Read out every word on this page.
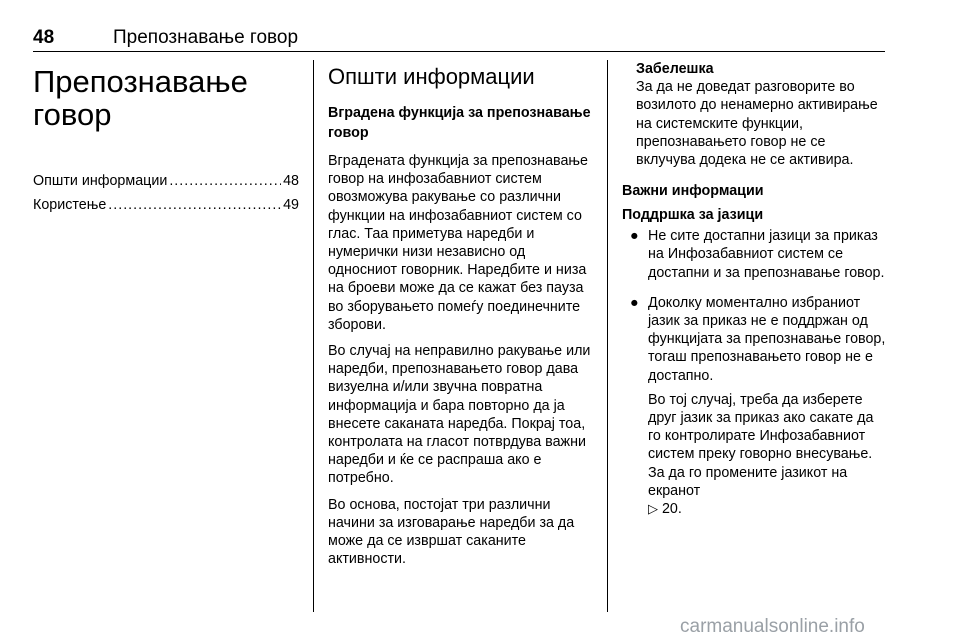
48	Препознавање говор
Препознавање говор
Општи информации .....	48
Користење .....	49
Општи информации
Вградена функција за препознавање говор

Вградената функција за препознавање говор на инфозабавниот систем овозможува ракување со различни функции на инфозабавниот систем со глас. Таа приметува наредби и нумерички низи независно од односниот говорник. Наредбите и низа на броеви може да се кажат без пауза во зборувањето помеѓу поединечните зборови.

Во случај на неправилно ракување или наредби, препознавањето говор дава визуелна и/или звучна повратна информација и бара повторно да ја внесете саканата наредба. Покрај тоа, контролата на гласот потврдува важни наредби и ќе се распраша ако е потребно.

Во основа, постојат три различни начини за изговарање наредби за да може да се извршат саканите активности.

Забелешка
За да не доведат разговорите во возилото до ненамерно активирање на системските функции, препознавањето говор не се вклучува додека не се активира.
Важни информации
Поддршка за јазици
● Не сите достапни јазици за приказ на Инфозабавниот систем се достапни и за препознавање говор.

● Доколку моментално избраниот јазик за приказ не е поддржан од функцијата за препознавање говор, тогаш препознавањето говор не е достапно.

Во тој случај, треба да изберете друг јазик за приказ ако сакате да го контролирате Инфозабавниот систем преку говорно внесување. За да го промените јазикот на екранот
▷ 20.

carmanualsonline.info
